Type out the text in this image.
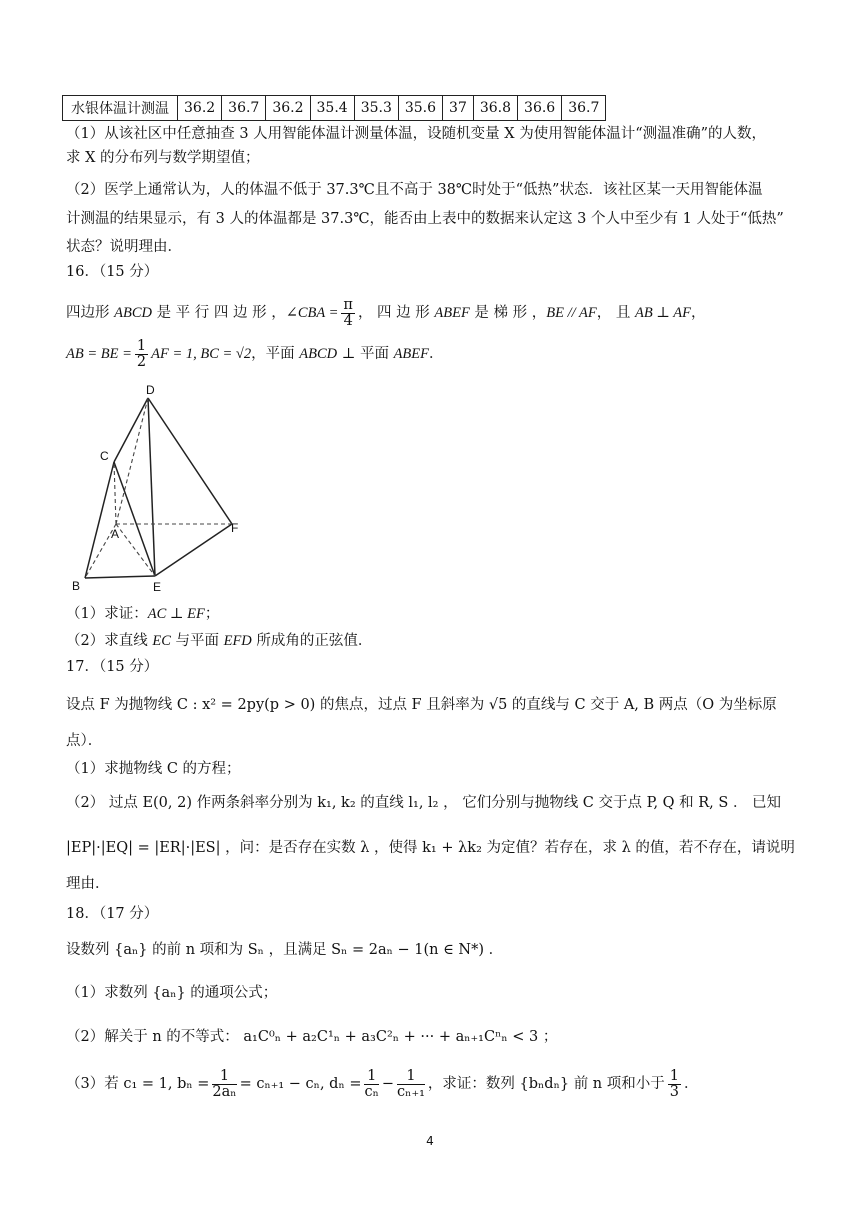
水银体温计测温	36.2	36.7	36.2	35.4	35.3	35.6	37	36.8	36.6	36.7
（1）从该社区中任意抽查 3 人用智能体温计测量体温，设随机变量 X 为使用智能体温计“测温准确”的人数，
求 X 的分布列与数学期望值；
（2）医学上通常认为，人的体温不低于 37.3℃且不高于 38℃时处于“低热”状态．该社区某一天用智能体温
计测温的结果显示，有 3 人的体温都是 37.3℃，能否由上表中的数据来认定这 3 个人中至少有 1 人处于“低热”
状态？说明理由．
16．（15 分）
四边形 ABCD 是 平 行 四 边 形 ，∠CBA = $\frac{\pi}{4}$ ， 四 边 形 ABEF 是 梯 形 ，BE // AF， 且 AB ⊥ AF，
AB = BE = $\frac{1}{2}$ AF = 1, BC = √2，平面 ABCD ⊥ 平面 ABEF．
D
C
A	F
B	E
（1）求证：AC ⊥ EF；
（2）求直线 EC 与平面 EFD 所成角的正弦值．
17．（15 分）
设点 F 为抛物线 C : x² = 2py(p > 0) 的焦点，过点 F 且斜率为 √5 的直线与 C 交于 A, B 两点（O 为坐标原
点）．
（1）求抛物线 C 的方程；
（2） 过点 E(0, 2) 作两条斜率分别为 k₁, k₂ 的直线 l₁, l₂ ， 它们分别与抛物线 C 交于点 P, Q 和 R, S ． 已知
|EP|·|EQ| = |ER|·|ES| ，问：是否存在实数 λ ，使得 k₁ + λk₂ 为定值？若存在，求 λ 的值，若不存在，请说明
理由．
18．（17 分）
设数列 {aₙ} 的前 n 项和为 Sₙ ，且满足 Sₙ = 2aₙ − 1(n ∈ N*) ．
（1）求数列 {aₙ} 的通项公式；
（2）解关于 n 的不等式： a₁C⁰ₙ + a₂C¹ₙ + a₃C²ₙ + ··· + aₙ₊₁Cⁿₙ < 3 ；
（3）若 c₁ = 1, $b_n = \frac{1}{\text{2aₙ}} = c_{n+1} - c_n$, $d_n = \frac{1}{\text{cₙ}} - \frac{1}{\text{cₙ₊₁}}$ ，求证：数列 {bₙdₙ} 前 n 项和小于 $\frac{1}{3}$ ．
4
